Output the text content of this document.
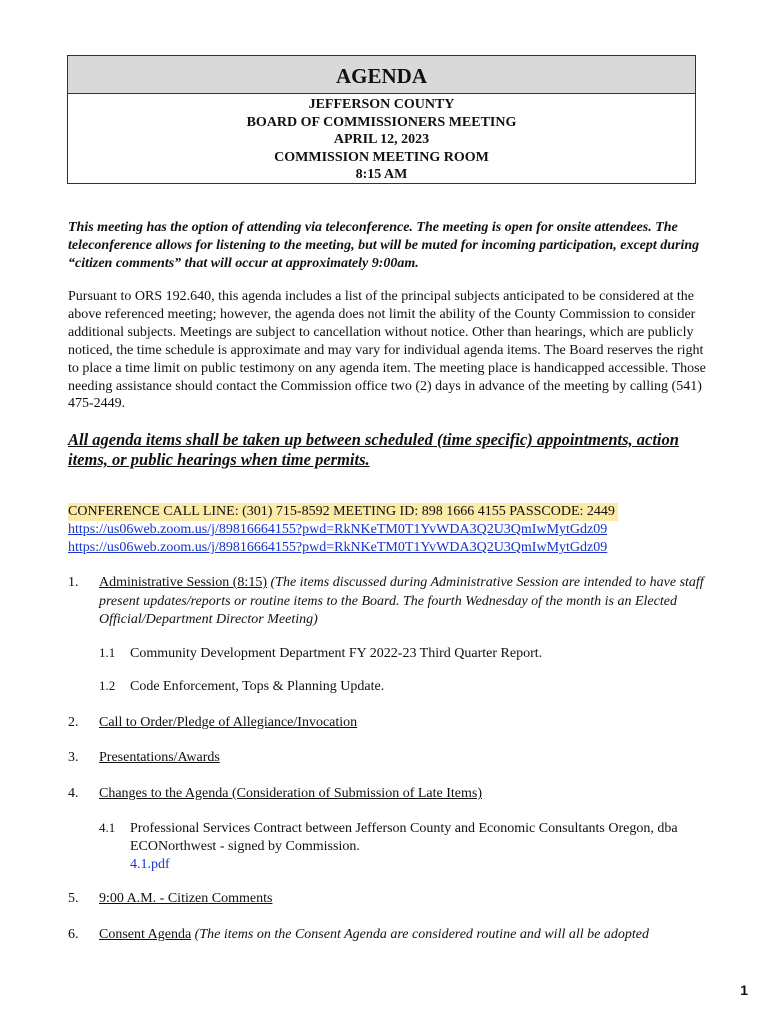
AGENDA
JEFFERSON COUNTY
BOARD OF COMMISSIONERS MEETING
APRIL 12, 2023
COMMISSION MEETING ROOM
8:15 AM

This meeting has the option of attending via teleconference. The meeting is open for onsite attendees. The teleconference allows for listening to the meeting, but will be muted for incoming participation, except during “citizen comments” that will occur at approximately 9:00am.

Pursuant to ORS 192.640, this agenda includes a list of the principal subjects anticipated to be considered at the above referenced meeting; however, the agenda does not limit the ability of the County Commission to consider additional subjects. Meetings are subject to cancellation without notice. Other than hearings, which are publicly noticed, the time schedule is approximate and may vary for individual agenda items. The Board reserves the right to place a time limit on public testimony on any agenda item. The meeting place is handicapped accessible. Those needing assistance should contact the Commission office two (2) days in advance of the meeting by calling (541) 475-2449.

All agenda items shall be taken up between scheduled (time specific) appointments, action items, or public hearings when time permits.

CONFERENCE CALL LINE: (301) 715-8592 MEETING ID: 898 1666 4155 PASSCODE: 2449
https://us06web.zoom.us/j/89816664155?pwd=RkNKeTM0T1YvWDA3Q2U3QmIwMytGdz09
https://us06web.zoom.us/j/89816664155?pwd=RkNKeTM0T1YvWDA3Q2U3QmIwMytGdz09
1. Administrative Session (8:15) (The items discussed during Administrative Session are intended to have staff present updates/reports or routine items to the Board. The fourth Wednesday of the month is an Elected Official/Department Director Meeting)
1.1 Community Development Department FY 2022-23 Third Quarter Report.
1.2 Code Enforcement, Tops & Planning Update.
2. Call to Order/Pledge of Allegiance/Invocation
3. Presentations/Awards
4. Changes to the Agenda (Consideration of Submission of Late Items)
4.1 Professional Services Contract between Jefferson County and Economic Consultants Oregon, dba ECONorthwest - signed by Commission.
4.1.pdf
5. 9:00 A.M. - Citizen Comments
6. Consent Agenda (The items on the Consent Agenda are considered routine and will all be adopted
1
